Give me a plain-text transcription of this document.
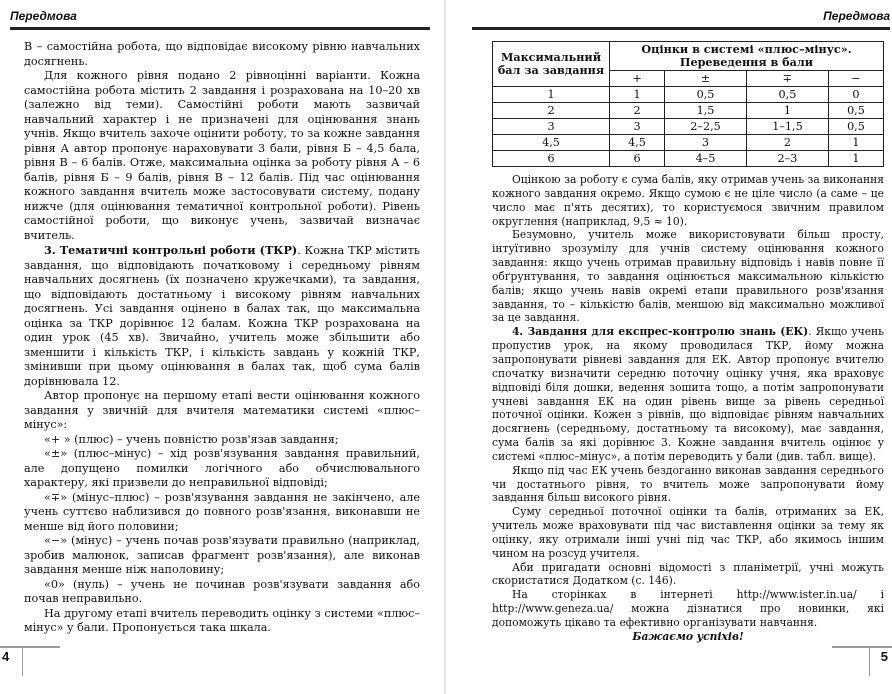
Передмова

В – самостійна робота, що відповідає високому рівню навчальних досягнень.

Для кожного рівня подано 2 рівноцінні варіанти. Кожна самостійна робота містить 2 завдання і розрахована на 10–20 хв (залежно від теми). Самостійні роботи мають зазвичай навчальний характер і не призначені для оцінювання знань учнів. Якщо вчитель захоче оцінити роботу, то за кожне завдання рівня А автор пропонує нараховувати 3 бали, рівня Б – 4,5 бала, рівня В – 6 балів. Отже, максимальна оцінка за роботу рівня А – 6 балів, рівня Б – 9 балів, рівня В – 12 балів. Під час оцінювання кожного завдання вчитель може застосовувати систему, подану нижче (для оцінювання тематичної контрольної роботи). Рівень самостійної роботи, що виконує учень, зазвичай визначає вчитель.

3. Тематичні контрольні роботи (ТКР). Кожна ТКР містить завдання, що відповідають початковому і середньому рівням навчальних досягнень (їх позначено кружечками), та завдання, що відповідають достатньому і високому рівням навчальних досягнень. Усі завдання оцінено в балах так, що максимальна оцінка за ТКР дорівнює 12 балам. Кожна ТКР розрахована на один урок (45 хв). Звичайно, учитель може збільшити або зменшити і кількість ТКР, і кількість завдань у кожній ТКР, змінивши при цьому оцінювання в балах так, щоб сума балів дорівнювала 12.

Автор пропонує на першому етапі вести оцінювання кожного завдання у звичній для вчителя математики системі «плюс–мінус»:

«+ » (плюс) – учень повністю розв'язав завдання;

«±» (плюс–мінус) – хід розв'язування завдання правильний, але допущено помилки логічного або обчислювального характеру, які призвели до неправильної відповіді;

«∓» (мінус–плюс) – розв'язування завдання не закінчено, але учень суттєво наблизився до повного розв'язання, виконавши не менше від його половини;

«−» (мінус) – учень почав розв'язувати правильно (наприклад, зробив малюнок, записав фрагмент розв'язання), але виконав завдання менше ніж наполовину;

«0» (нуль) – учень не починав розв'язувати завдання або почав неправильно.

На другому етапі вчитель переводить оцінку з системи «плюс–мінус» у бали. Пропонується така шкала.

4
Передмова
5

Оцінкою за роботу є сума балів, яку отримав учень за виконання кожного завдання окремо. Якщо сумою є не ціле число (а саме – це число має п'ять десятих), то користуємося звичним правилом округлення (наприклад, 9,5 ≈ 10).

Безумовно, учитель може використовувати більш просту, інтуїтивно зрозумілу для учнів систему оцінювання кожного завдання: якщо учень отримав правильну відповідь і навів повне її обґрунтування, то завдання оцінюється максимальною кількістю балів; якщо учень навів окремі етапи правильного розв'язання завдання, то – кількістю балів, меншою від максимально можливої за це завдання.

4. Завдання для експрес-контролю знань (ЕК). Якщо учень пропустив урок, на якому проводилася ТКР, йому можна запропонувати рівневі завдання для ЕК. Автор пропонує вчителю спочатку визначити середню поточну оцінку учня, яка враховує відповіді біля дошки, ведення зошита тощо, а потім запропонувати учневі завдання ЕК на один рівень вище за рівень середньої поточної оцінки. Кожен з рівнів, що відповідає рівням навчальних досягнень (середньому, достатньому та високому), має завдання, сума балів за які дорівнює 3. Кожне завдання вчитель оцінює у системі «плюс–мінус», а потім переводить у бали (див. табл. вище).

Якщо під час ЕК учень бездоганно виконав завдання середнього чи достатнього рівня, то вчитель може запропонувати йому завдання більш високого рівня.

Суму середньої поточної оцінки та балів, отриманих за ЕК, учитель може враховувати під час виставлення оцінки за тему як оцінку, яку отримали інші учні під час ТКР, або якимось іншим чином на розсуд учителя.

Аби пригадати основні відомості з планіметрії, учні можуть скористатися Додатком (с. 146).

На сторінках в інтернеті http://www.ister.in.ua/ і http://www.geneza.ua/ можна дізнатися про новинки, які допоможуть цікаво та ефективно організувати навчання.

Бажаємо успіхів!

Максимальний бал за завдання	Оцінки в системі «плюс–мінус». Переведення в бали			
	+	±	∓	−
1	1	0,5	0,5	0
2	2	1,5	1	0,5
3	3	2–2,5	1–1,5	0,5
4,5	4,5	3	2	1
6	6	4–5	2–3	1
